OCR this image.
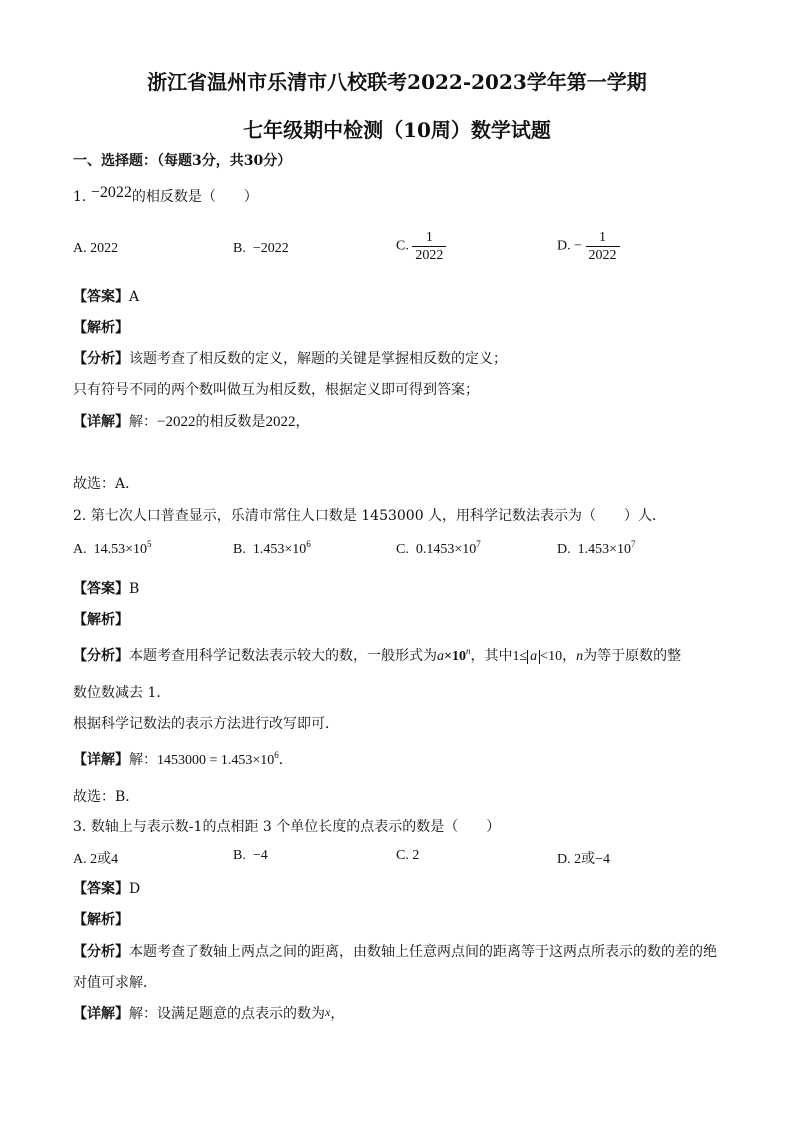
浙江省温州市乐清市八校联考2022-2023学年第一学期
七年级期中检测（10周）数学试题
一、选择题：（每题3分，共30分）
1. −2022的相反数是（　　）
A. 2022	B. −2022	C. $\frac{1}{2022}$	D. − $\frac{1}{2022}$
【答案】A
【解析】
【分析】该题考查了相反数的定义，解题的关键是掌握相反数的定义；
只有符号不同的两个数叫做互为相反数，根据定义即可得到答案；
【详解】解：−2022的相反数是2022，
故选：A．
2. 第七次人口普查显示，乐清市常住人口数是 1453000 人，用科学记数法表示为（　　）人．
A. $14.53\times 10^5$	B. $1.453\times 10^6$	C. $0.1453\times 10^7$	D. $1.453\times 10^7$
【答案】B
【解析】
【分析】本题考查用科学记数法表示较大的数，一般形式为$a\times 10^n$，其中1≤ a <10，n为等于原数的整
数位数减去 1．
根据科学记数法的表示方法进行改写即可．
【详解】解：$1453000 = 1.453\times 10^6$．
故选：B．
3. 数轴上与表示数-1的点相距 3 个单位长度的点表示的数是（　　）
A. 2或4	B. −4	C. 2	D. 2或−4
【答案】D
【解析】
【分析】本题考查了数轴上两点之间的距离，由数轴上任意两点间的距离等于这两点所表示的数的差的绝
对值可求解．
【详解】解：设满足题意的点表示的数为x，
